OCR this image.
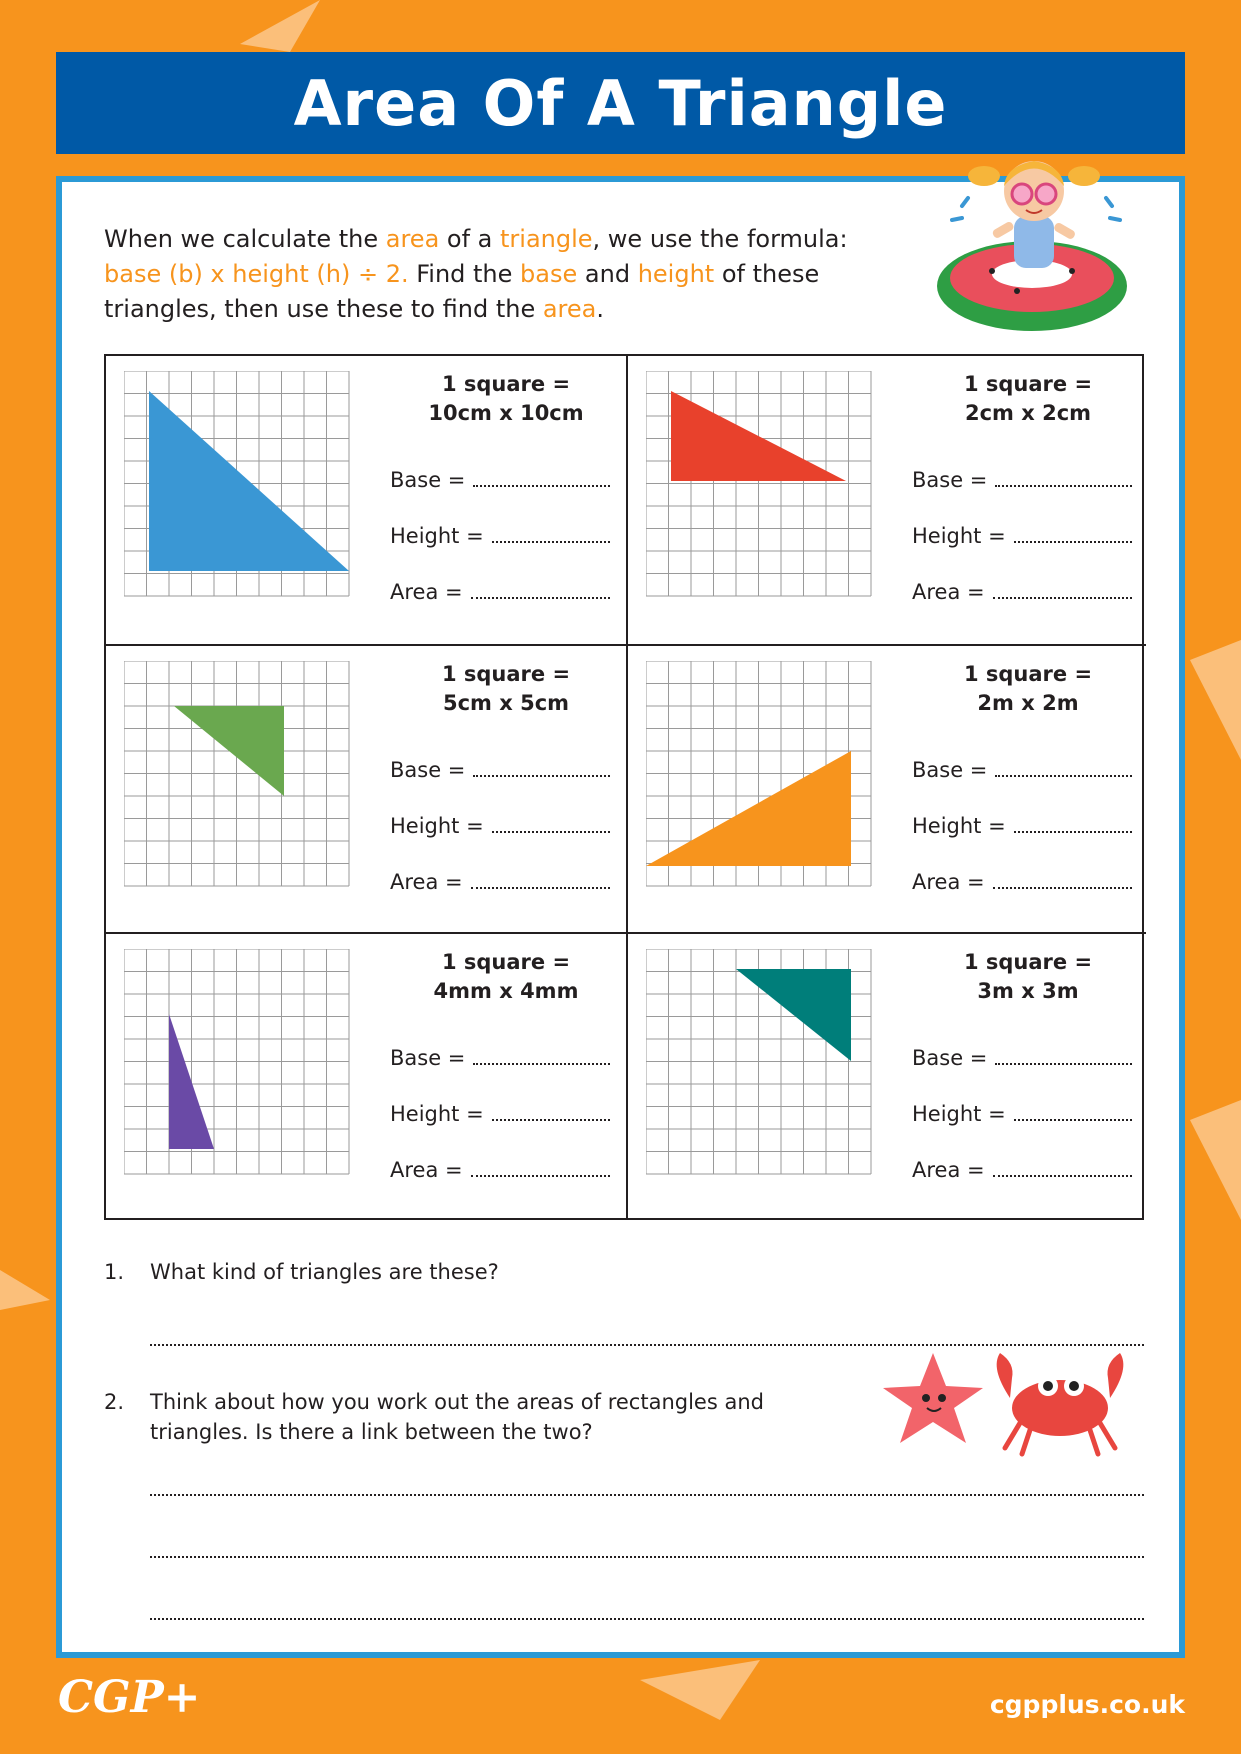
Area Of A Triangle

When we calculate the area of a triangle, we use the formula:
base (b) x height (h) ÷ 2. Find the base and height of these triangles, then use these to find the area.

1 square =
10cm x 10cm
Base =
Height =
Area =
1 square =
2cm x 2cm
Base =
Height =
Area =
1 square =
5cm x 5cm
Base =
Height =
Area =
1 square =
2m x 2m
Base =
Height =
Area =
1 square =
4mm x 4mm
Base =
Height =
Area =
1 square =
3m x 3m
Base =
Height =
Area =
1. What kind of triangles are these?
2. Think about how you work out the areas of rectangles and triangles. Is there a link between the two?
CGP+	cgpplus.co.uk
